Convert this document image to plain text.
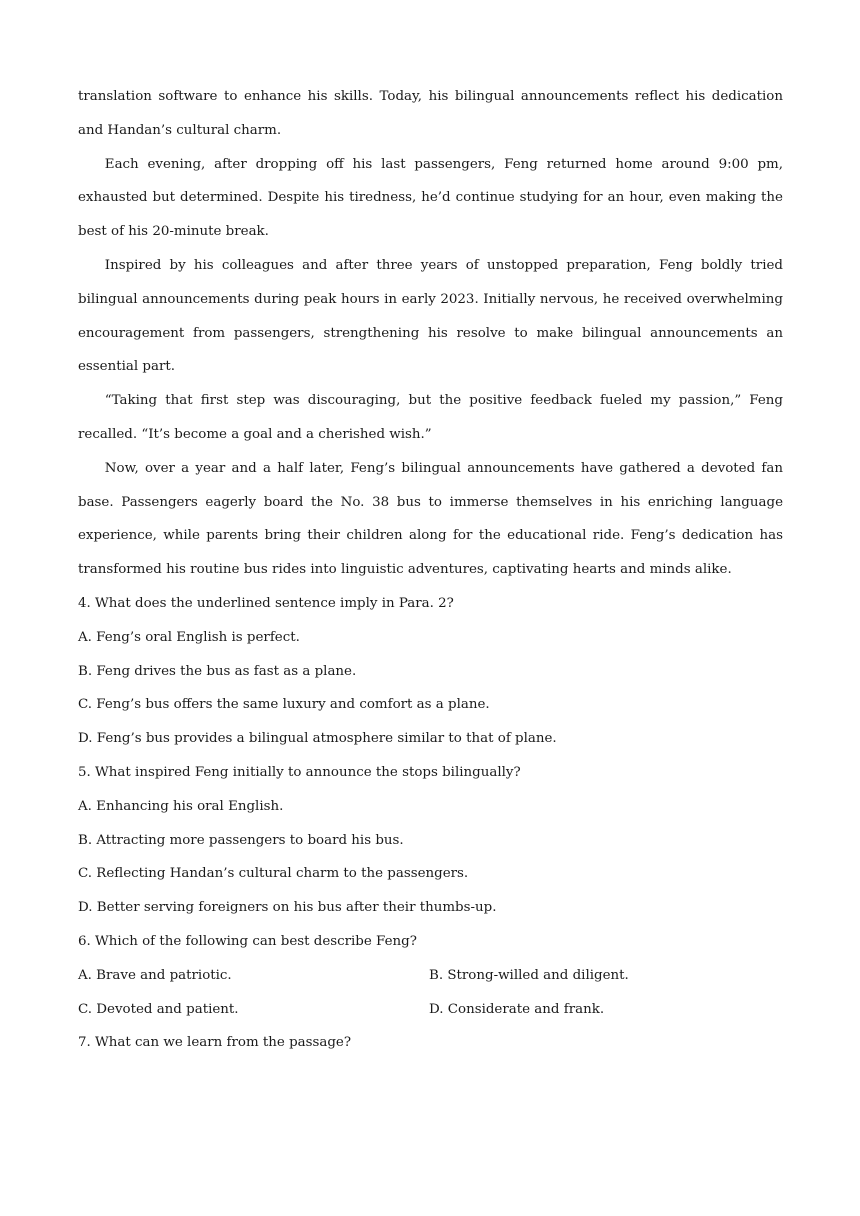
translation software to enhance his skills. Today, his bilingual announcements reflect his dedication and Handan’s cultural charm.

Each evening, after dropping off his last passengers, Feng returned home around 9:00 pm, exhausted but determined. Despite his tiredness, he’d continue studying for an hour, even making the best of his 20-minute break.

Inspired by his colleagues and after three years of unstopped preparation, Feng boldly tried bilingual announcements during peak hours in early 2023. Initially nervous, he received overwhelming encouragement from passengers, strengthening his resolve to make bilingual announcements an essential part.

“Taking that first step was discouraging, but the positive feedback fueled my passion,” Feng recalled. “It’s become a goal and a cherished wish.”

Now, over a year and a half later, Feng’s bilingual announcements have gathered a devoted fan base. Passengers eagerly board the No. 38 bus to immerse themselves in his enriching language experience, while parents bring their children along for the educational ride. Feng’s dedication has transformed his routine bus rides into linguistic adventures, captivating hearts and minds alike.

4. What does the underlined sentence imply in Para. 2?

A. Feng’s oral English is perfect.

B. Feng drives the bus as fast as a plane.

C. Feng’s bus offers the same luxury and comfort as a plane.

D. Feng’s bus provides a bilingual atmosphere similar to that of plane.

5. What inspired Feng initially to announce the stops bilingually?

A. Enhancing his oral English.

B. Attracting more passengers to board his bus.

C. Reflecting Handan’s cultural charm to the passengers.

D. Better serving foreigners on his bus after their thumbs-up.

6. Which of the following can best describe Feng?

A. Brave and patriotic.	B. Strong-willed and diligent.

C. Devoted and patient.	D. Considerate and frank.

7. What can we learn from the passage?
